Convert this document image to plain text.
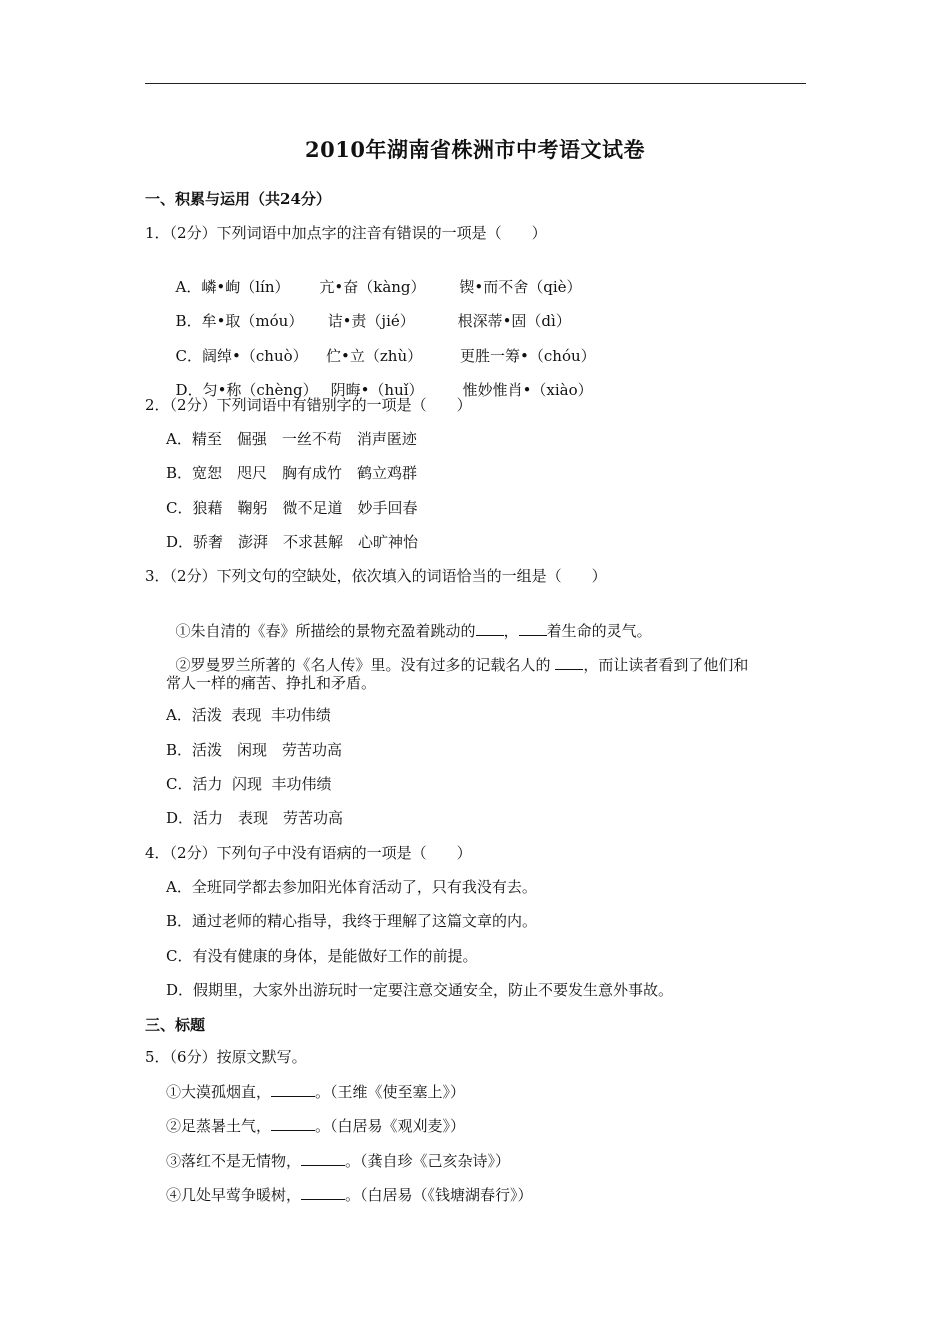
2010年湖南省株洲市中考语文试卷
一、积累与运用（共24分）
1．（2分）下列词语中加点字的注音有错误的一项是（　　）

A．嶙•峋（lín） 亢•奋（kàng） 锲•而不舍（qiè）

B．牟•取（móu） 诘•责（jié）	根深蒂•固（dì）

C．阔绰•（chuò） 伫•立（zhù）	更胜一筹•（chóu）

D．匀•称（chèng） 阴晦•（huǐ）	惟妙惟肖•（xiào）

2．（2分）下列词语中有错别字的一项是（　　）
A．精至　倔强　一丝不苟　消声匿迹
B．宽恕　咫尺　胸有成竹　鹤立鸡群
C．狼藉　鞠躬　微不足道　妙手回春
D．骄奢　澎湃　不求甚解　心旷神怡
3．（2分）下列文句的空缺处，依次填入的词语恰当的一组是（　　）

①朱自清的《春》所描绘的景物充盈着跳动的 ， 着生命的灵气。

②罗曼罗兰所著的《名人传》里。没有过多的记载名人的 ，而让读者看到了他们和

常人一样的痛苦、挣扎和矛盾。
A．活泼  表现  丰功伟绩
B．活泼　闲现　劳苦功高
C．活力  闪现  丰功伟绩
D．活力　表现　劳苦功高
4．（2分）下列句子中没有语病的一项是（　　）
A．全班同学都去参加阳光体育活动了，只有我没有去。
B．通过老师的精心指导，我终于理解了这篇文章的内。
C．有没有健康的身体，是能做好工作的前提。
D．假期里，大家外出游玩时一定要注意交通安全，防止不要发生意外事故。
三、标题
5．（6分）按原文默写。
①大漠孤烟直，	。（王维《使至塞上》）
②足蒸暑土气，	。（白居易《观刈麦》）
③落红不是无情物，	。（龚自珍《己亥杂诗》）
④几处早莺争暖树，	。（白居易（《钱塘湖春行》）
